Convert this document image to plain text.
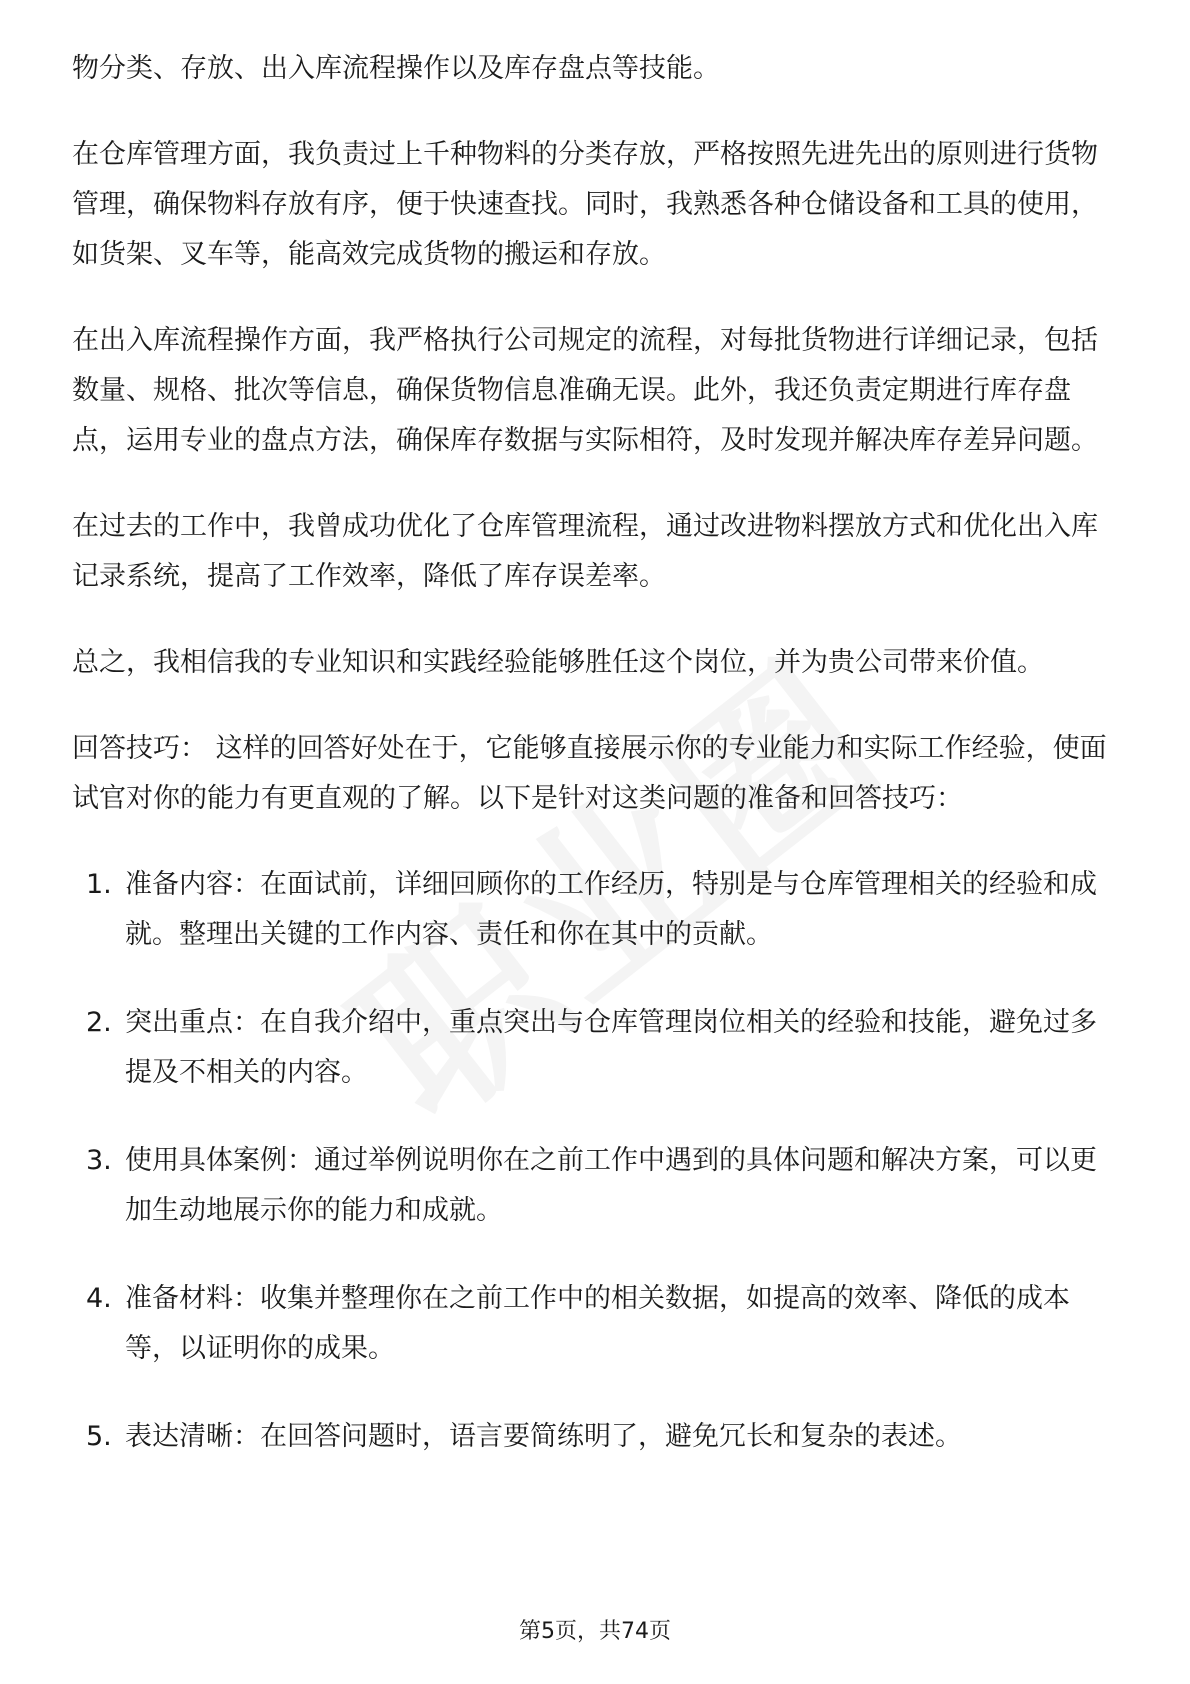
物分类、存放、出入库流程操作以及库存盘点等技能。

在仓库管理方面，我负责过上千种物料的分类存放，严格按照先进先出的原则进行货物管理，确保物料存放有序，便于快速查找。同时，我熟悉各种仓储设备和工具的使用，如货架、叉车等，能高效完成货物的搬运和存放。

在出入库流程操作方面，我严格执行公司规定的流程，对每批货物进行详细记录，包括数量、规格、批次等信息，确保货物信息准确无误。此外，我还负责定期进行库存盘点，运用专业的盘点方法，确保库存数据与实际相符，及时发现并解决库存差异问题。

在过去的工作中，我曾成功优化了仓库管理流程，通过改进物料摆放方式和优化出入库记录系统，提高了工作效率，降低了库存误差率。

总之，我相信我的专业知识和实践经验能够胜任这个岗位，并为贵公司带来价值。

回答技巧： 这样的回答好处在于，它能够直接展示你的专业能力和实际工作经验，使面试官对你的能力有更直观的了解。以下是针对这类问题的准备和回答技巧：

1. 准备内容：在面试前，详细回顾你的工作经历，特别是与仓库管理相关的经验和成就。整理出关键的工作内容、责任和你在其中的贡献。
2. 突出重点：在自我介绍中，重点突出与仓库管理岗位相关的经验和技能，避免过多提及不相关的内容。
3. 使用具体案例：通过举例说明你在之前工作中遇到的具体问题和解决方案，可以更加生动地展示你的能力和成就。
4. 准备材料：收集并整理你在之前工作中的相关数据，如提高的效率、降低的成本等，以证明你的成果。
5. 表达清晰：在回答问题时，语言要简练明了，避免冗长和复杂的表述。
第5页，共74页
